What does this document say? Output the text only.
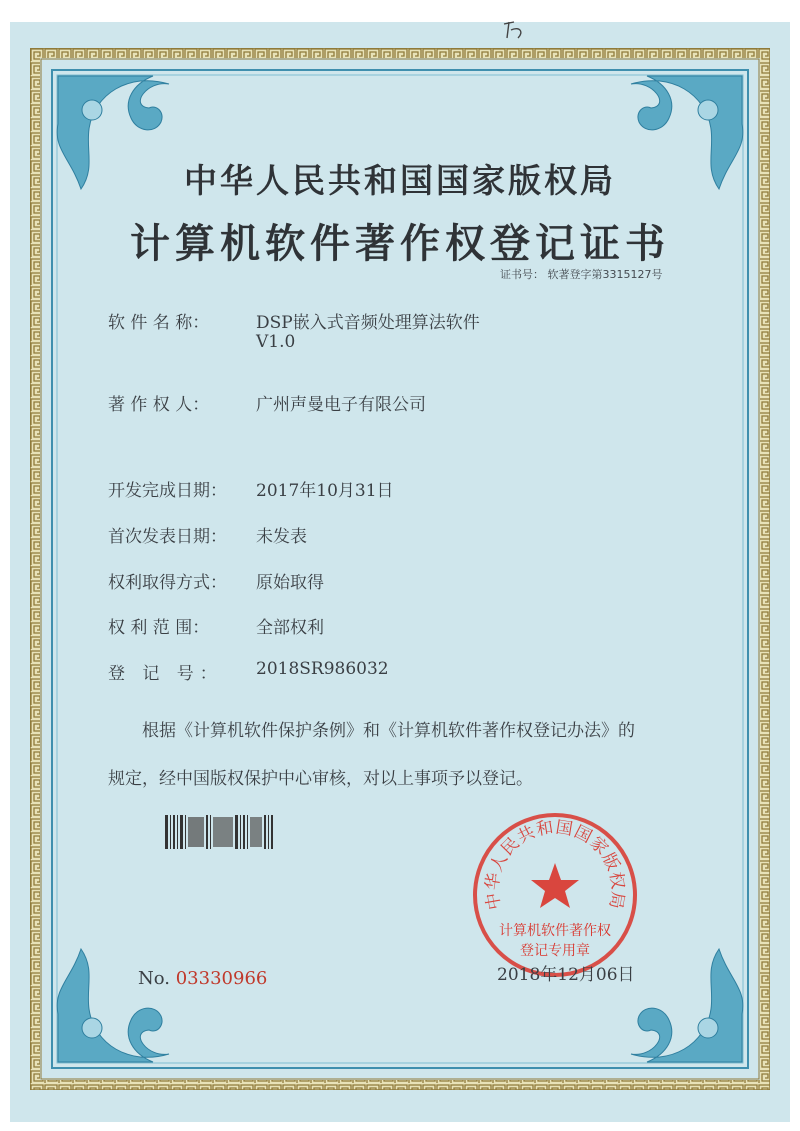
中华人民共和国国家版权局
计算机软件著作权登记证书
证书号： 软著登字第3315127号
软 件 名 称：	DSP嵌入式音频处理算法软件
V1.0
著 作 权 人：	广州声曼电子有限公司
开发完成日期： 2017年10月31日
首次发表日期： 未发表
权利取得方式： 原始取得
权 利 范 围：	全部权利
登 记 号： 2018SR986032
根据《计算机软件保护条例》和《计算机软件著作权登记办法》的
规定，经中国版权保护中心审核，对以上事项予以登记。
中华人民共和国国家版权局
计算机软件著作权
登记专用章
No. 03330966	2018年12月06日
